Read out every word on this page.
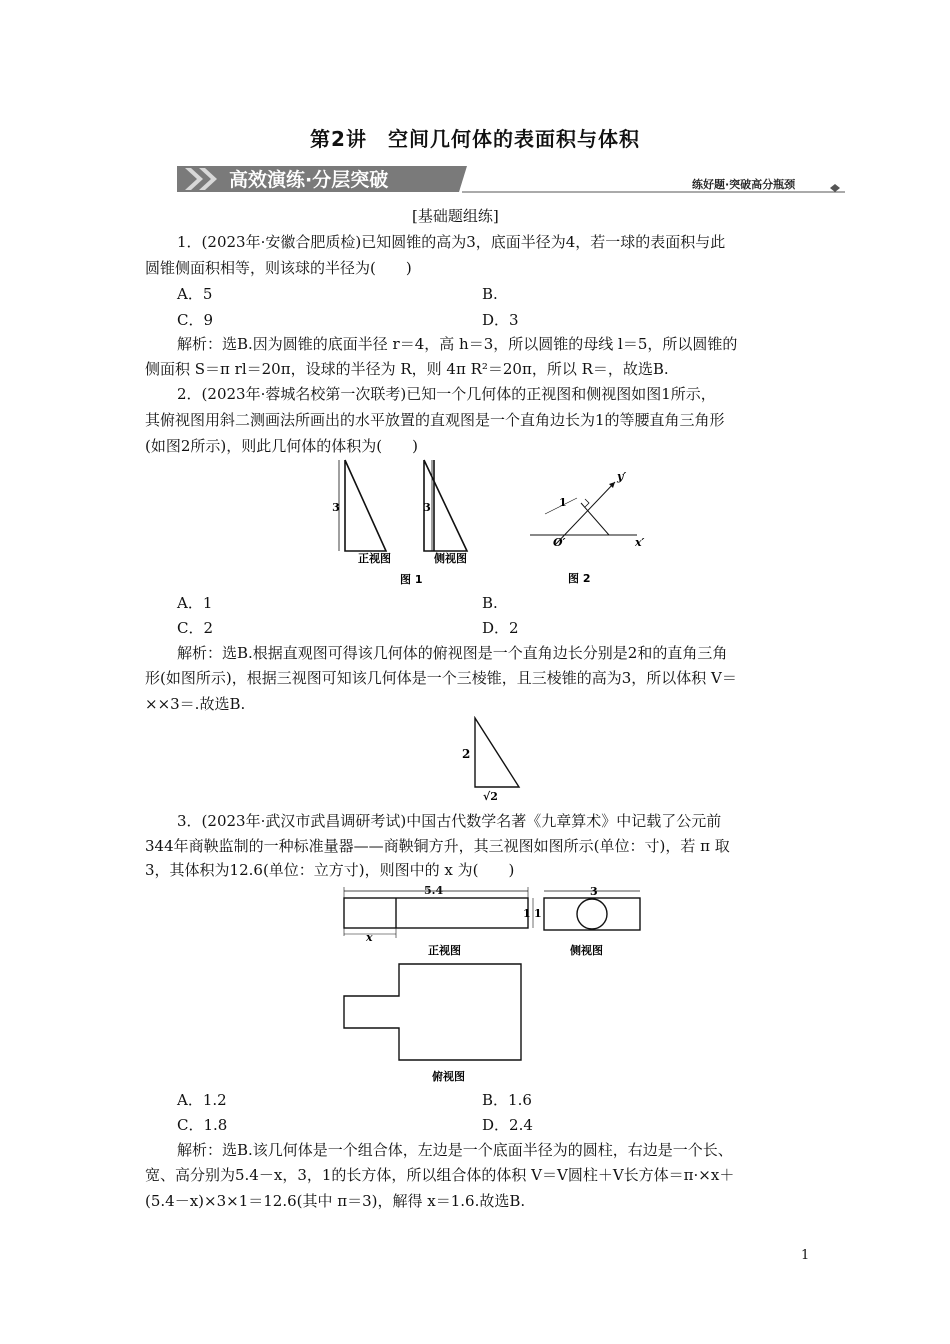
第2讲　空间几何体的表面积与体积
高效演练·分层突破	练好题·突破高分瓶颈
[基础题组练]
1．(2023年·安徽合肥质检)已知圆锥的高为3，底面半径为4，若一球的表面积与此
圆锥侧面积相等，则该球的半径为(　　)
A．5	B.
C．9	D．3
解析：选B.因为圆锥的底面半径 r＝4，高 h＝3，所以圆锥的母线 l＝5，所以圆锥的
侧面积 S＝π rl＝20π，设球的半径为 R，则 4π R²＝20π，所以 R＝，故选B.
2．(2023年·蓉城名校第一次联考)已知一个几何体的正视图和侧视图如图1所示，
其俯视图用斜二测画法所画出的水平放置的直观图是一个直角边长为1的等腰直角三角形
(如图2所示)，则此几何体的体积为(　　)
3	3
正视图	侧视图
图 1
1
y′
x′
O′
图 2
A．1	B.
C．2	D．2
解析：选B.根据直观图可得该几何体的俯视图是一个直角边长分别是2和的直角三角
形(如图所示)，根据三视图可知该几何体是一个三棱锥，且三棱锥的高为3，所以体积 V＝
××3＝.故选B.
2
√2
3．(2023年·武汉市武昌调研考试)中国古代数学名著《九章算术》中记载了公元前
344年商鞅监制的一种标准量器——商鞅铜方升，其三视图如图所示(单位：寸)，若 π 取
3，其体积为12.6(单位：立方寸)，则图中的 x 为(　　)
5.4
1 1
x
正视图
3
侧视图
俯视图
A．1.2	B．1.6
C．1.8	D．2.4
解析：选B.该几何体是一个组合体，左边是一个底面半径为的圆柱，右边是一个长、
宽、高分别为5.4－x，3，1的长方体，所以组合体的体积 V＝V圆柱＋V长方体＝π·×x＋
(5.4－x)×3×1＝12.6(其中 π＝3)，解得 x＝1.6.故选B.
1
